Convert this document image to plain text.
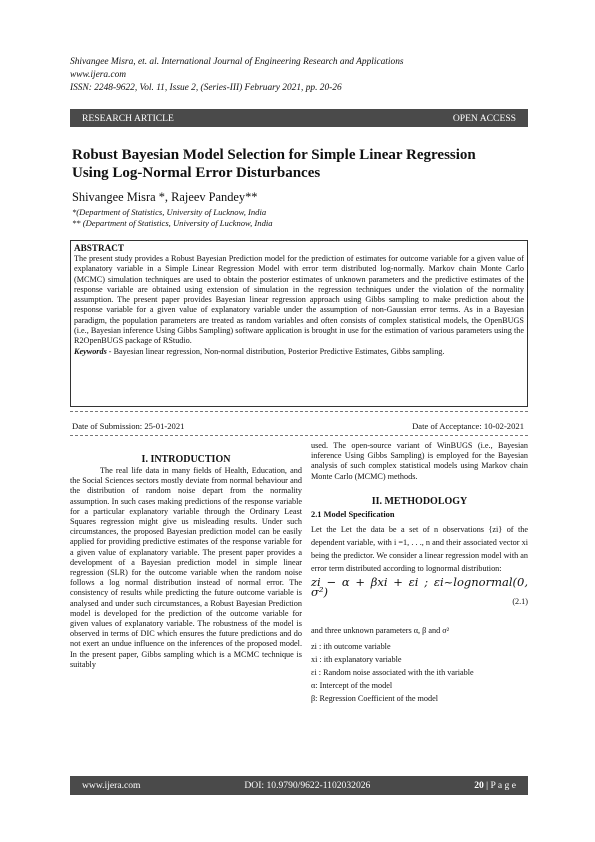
Shivangee Misra, et. al. International Journal of Engineering Research and Applications
www.ijera.com
ISSN: 2248-9622, Vol. 11, Issue 2, (Series-III) February 2021, pp. 20-26
RESEARCH ARTICLE	OPEN ACCESS
Robust Bayesian Model Selection for Simple Linear Regression
Using Log-Normal Error Disturbances
Shivangee Misra *, Rajeev Pandey**
*(Department of Statistics, University of Lucknow, India
** (Department of Statistics, University of Lucknow, India
ABSTRACT
The present study provides a Robust Bayesian Prediction model for the prediction of estimates for outcome variable for a given value of explanatory variable in a Simple Linear Regression Model with error term distributed log-normally. Markov chain Monte Carlo (MCMC) simulation techniques are used to obtain the posterior estimates of unknown parameters and the predictive estimates of the response variable are obtained using extension of simulation in the regression techniques under the violation of the normality assumption. The present paper provides Bayesian linear regression approach using Gibbs sampling to make prediction about the response variable for a given value of explanatory variable under the assumption of non-Gaussian error terms. As in a Bayesian paradigm, the population parameters are treated as random variables and often consists of complex statistical models, the OpenBUGS (i.e., Bayesian inference Using Gibbs Sampling) software application is brought in use for the estimation of various parameters using the R2OpenBUGS package of RStudio.
Keywords - Bayesian linear regression, Non-normal distribution, Posterior Predictive Estimates, Gibbs sampling.
Date of Submission: 25-01-2021	Date of Acceptance: 10-02-2021
I. INTRODUCTION
The real life data in many fields of Health, Education, and the Social Sciences sectors mostly deviate from normal behaviour and the distribution of random noise depart from the normality assumption. In such cases making predictions of the response variable for a particular explanatory variable through the Ordinary Least Squares regression might give us misleading results. Under such circumstances, the proposed Bayesian prediction model can be easily applied for providing predictive estimates of the response variable for a given value of explanatory variable. The present paper provides a development of a Bayesian prediction model in simple linear regression (SLR) for the outcome variable when the random noise follows a log normal distribution instead of normal error. The consistency of results while predicting the future outcome variable is analysed and under such circumstances, a Robust Bayesian Prediction model is developed for the prediction of the outcome variable for given values of explanatory variable. The robustness of the model is observed in terms of DIC which ensures the future predictions and do not exert an undue influence on the inferences of the proposed model. In the present paper, Gibbs sampling which is a MCMC technique is suitably
used. The open-source variant of WinBUGS (i.e., Bayesian inference Using Gibbs Sampling) is employed for the Bayesian analysis of such complex statistical models using Markov chain Monte Carlo (MCMC) methods.
II. METHODOLOGY
2.1 Model Specification
Let the Let the data be a set of n observations {zi} of the dependent variable, with i =1, . . ., n and their associated vector xi being the predictor. We consider a linear regression model with an error term distributed according to lognormal distribution:
zi − α + βxi + εi ; εi~lognormal(0, σ²)
(2.1)
and three unknown parameters α, β and σ²
zi : ith outcome variable
xi : ith explanatory variable
εi : Random noise associated with the ith variable
α: Intercept of the model
β: Regression Coefficient of the model
www.ijera.com	DOI: 10.9790/9622-1102032026	20 | P a g e
